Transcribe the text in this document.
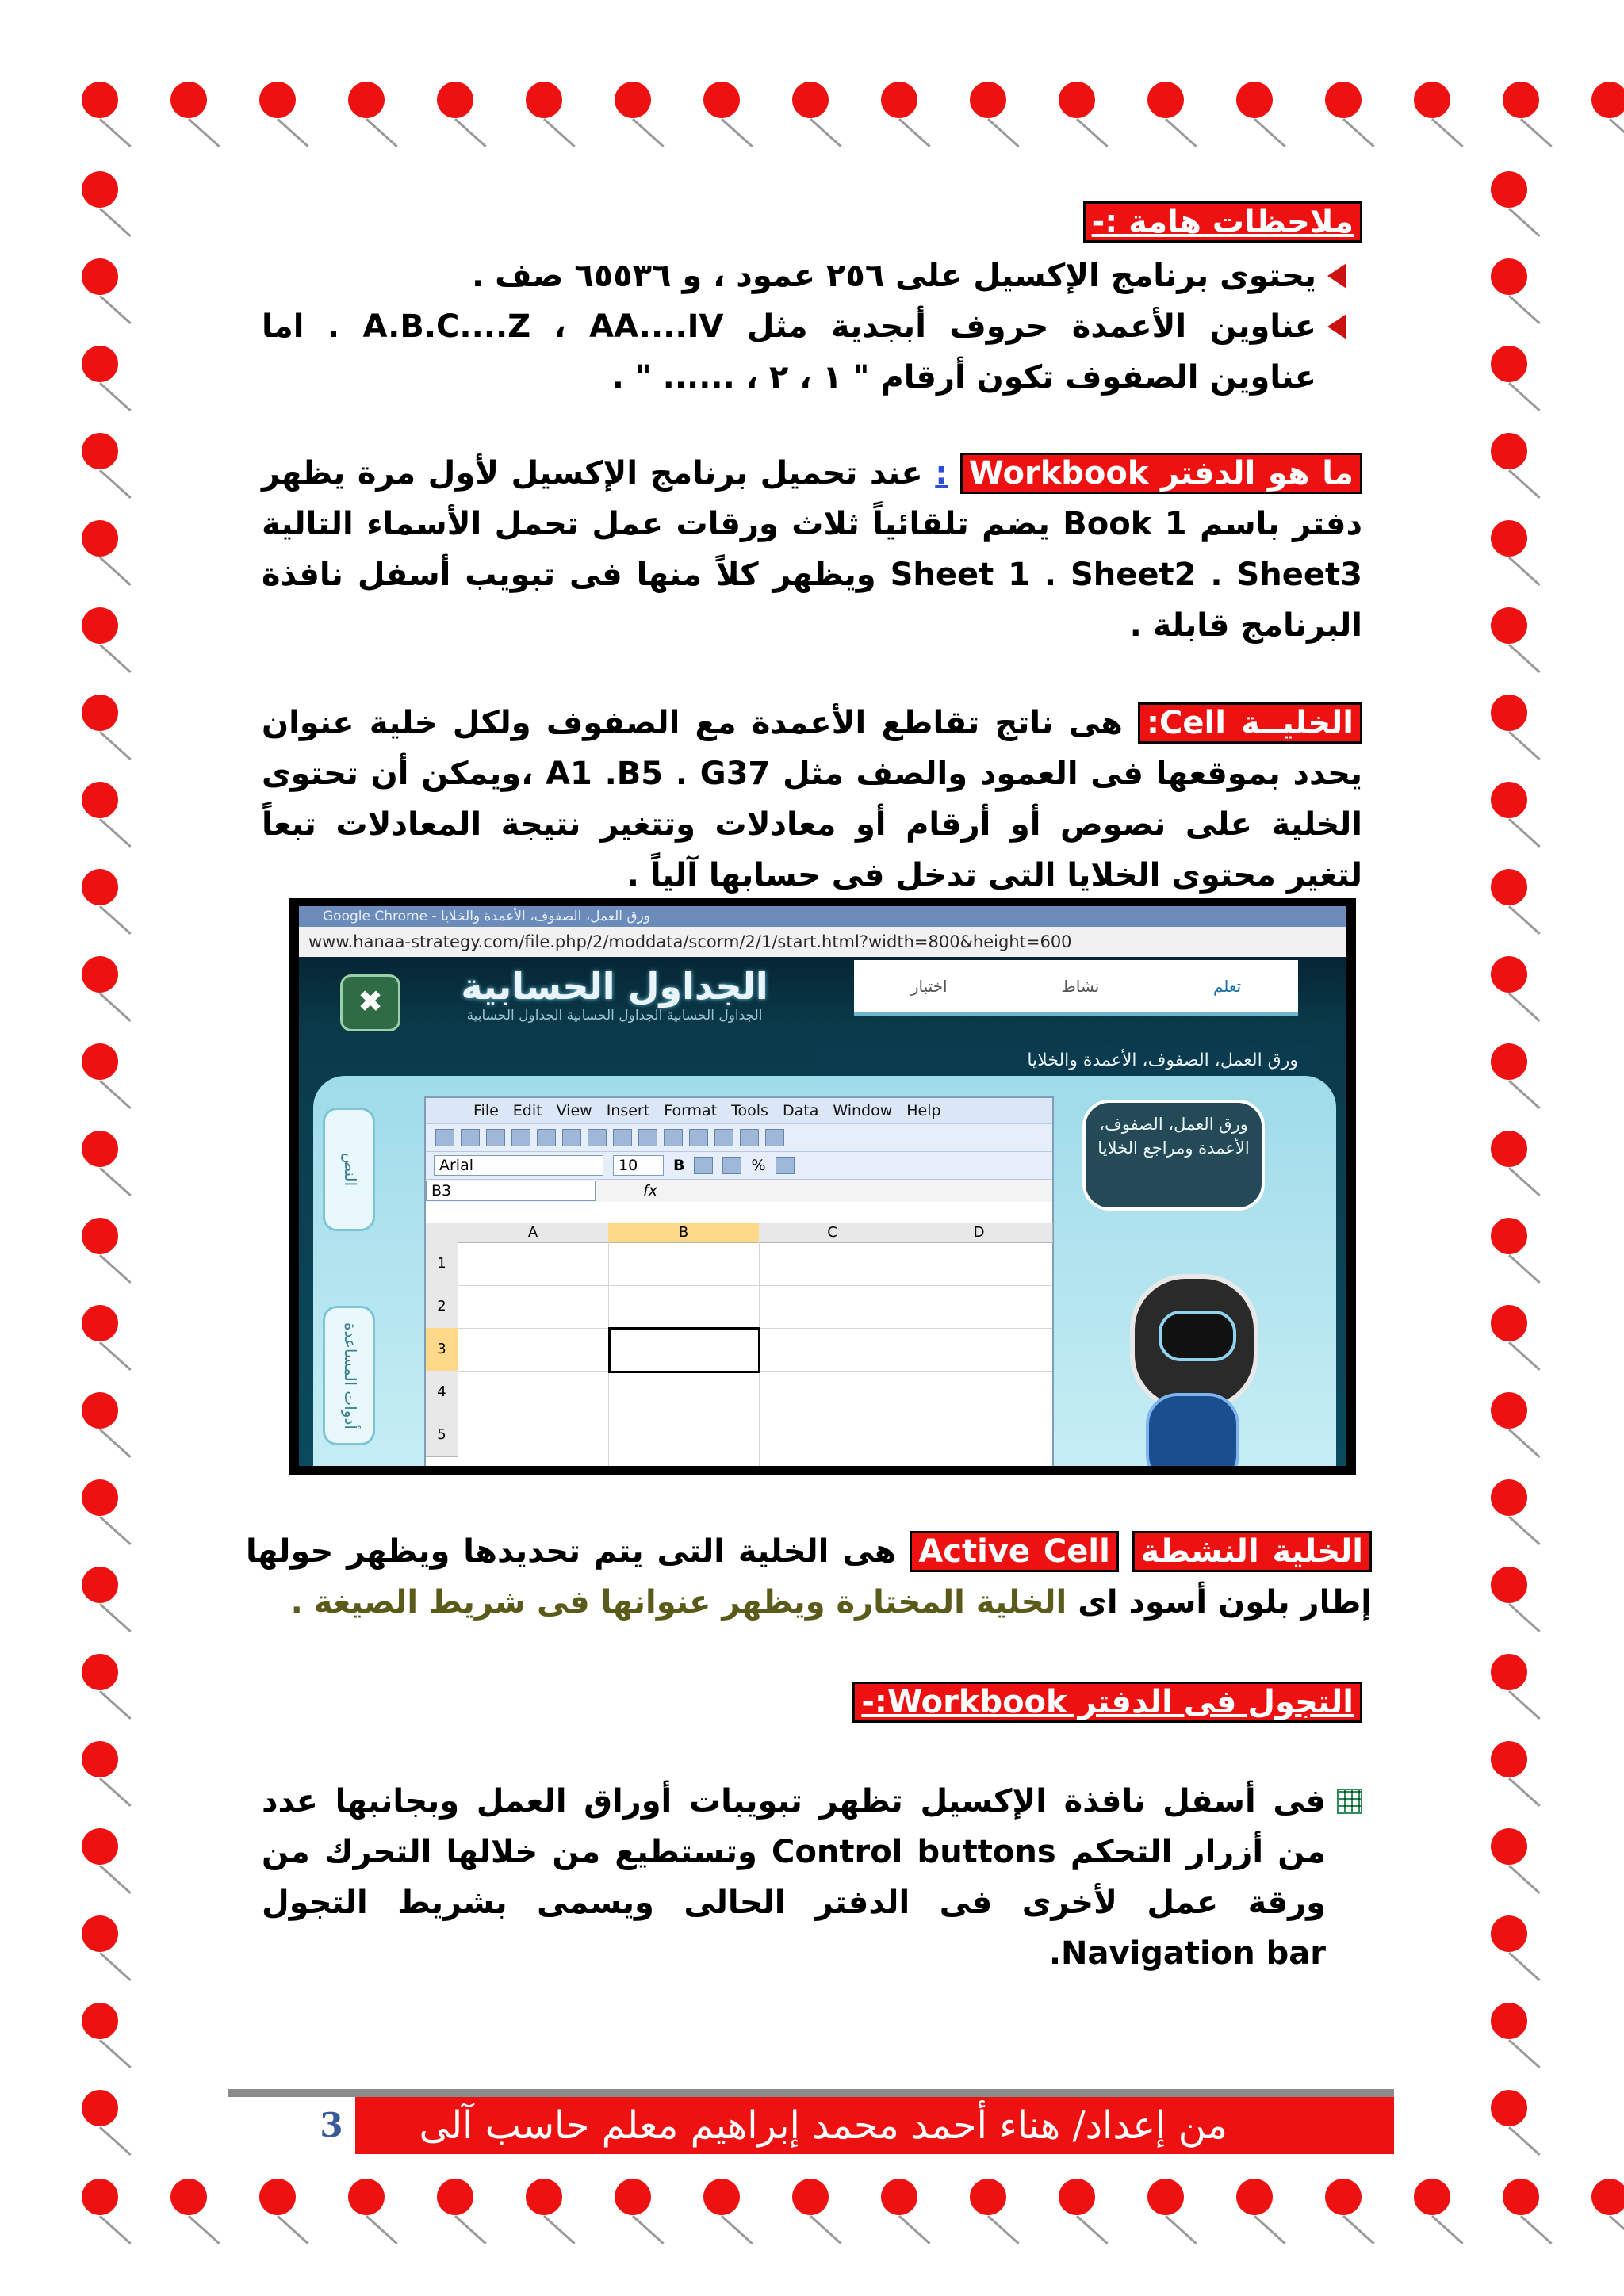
ملاحظات هامة :-
يحتوى برنامج الإكسيل على ٢٥٦ عمود ، و ٦٥٥٣٦ صف .
عناوين الأعمدة حروف أبجدية مثل A.B.C....Z ، AA....IV . اما عناوين الصفوف تكون أرقام " ١ ، ٢ ، ...... " .
ما هو الدفتر Workbook : عند تحميل برنامج الإكسيل لأول مرة يظهر دفتر باسم Book 1 يضم تلقائياً ثلاث ورقات عمل تحمل الأسماء التالية Sheet 1 . Sheet2 . Sheet3 ويظهر كلاً منها فى تبويب أسفل نافذة البرنامج قابلة .
الخليــة Cell: هى ناتج تقاطع الأعمدة مع الصفوف ولكل خلية عنوان يحدد بموقعها فى العمود والصف مثل A1 .B5 . G37 ،ويمكن أن تحتوى الخلية على نصوص أو أرقام أو معادلات وتتغير نتيجة المعادلات تبعاً لتغير محتوى الخلايا التى تدخل فى حسابها آلياً .
ورق العمل، الصفوف، الأعمدة والخلايا - Google Chrome
www.hanaa-strategy.com/file.php/2/moddata/scorm/2/1/start.html?width=800&height=600
✖	الجداول الحسابية
الجداول الحسابية الجداول الحسابية الجداول الحسابية
تعلم
نشاط
اختبار
ورق العمل، الصفوف، الأعمدة والخلايا
النص
أدوات المساعدة
File Edit View Insert Format Tools Data Window Help
Arial	10	B	%
B3	fx
A	B	C	D
1
2
3
4
5
ورق العمل، الصفوف، الأعمدة ومراجع الخلايا
الخلية النشطة Active Cell هى الخلية التى يتم تحديدها ويظهر حولها إطار بلون أسود اى الخلية المختارة ويظهر عنوانها فى شريط الصيغة .
التجول فى الدفتر Workbook:-
فى أسفل نافذة الإكسيل تظهر تبويبات أوراق العمل وبجانبها عدد من أزرار التحكم Control buttons وتستطيع من خلالها التحرك من ورقة عمل لأخرى فى الدفتر الحالى ويسمى بشريط التجول Navigation bar.
3	من إعداد/ هناء أحمد محمد إبراهيم معلم حاسب آلى
